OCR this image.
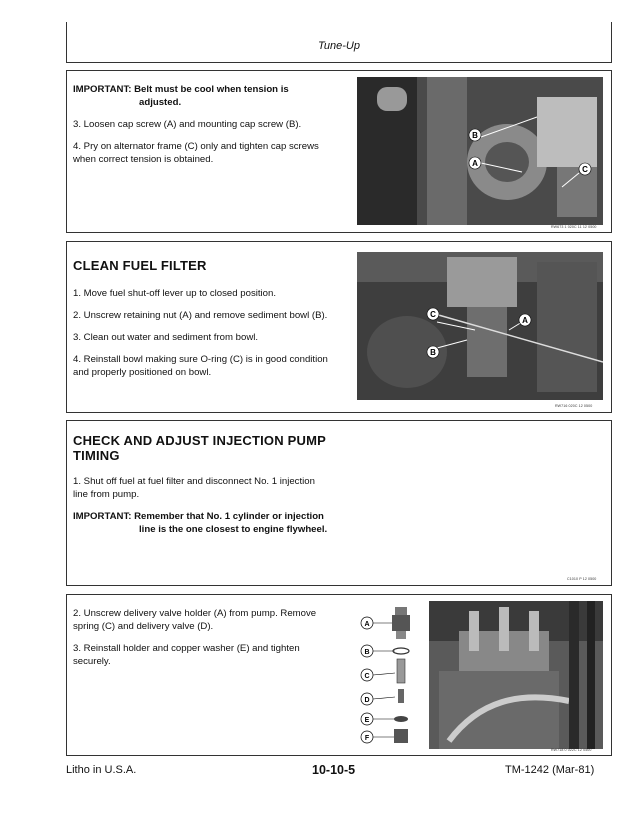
Tune-Up

IMPORTANT: Belt must be cool when tension is
adjusted.

3. Loosen cap screw (A) and mounting cap screw (B).

4. Pry on alternator frame (C) only and tighten cap screws
when correct tension is obtained.

B
A
C
RW673 1 020C 11 12 0500
CLEAN FUEL FILTER

1. Move fuel shut-off lever up to closed position.

2. Unscrew retaining nut (A) and remove sediment bowl (B).

3. Clean out water and sediment from bowl.

4. Reinstall bowl making sure O-ring (C) is in good condition
and properly positioned on bowl.

C
A
B
RW716 020C 12 0500
CHECK AND ADJUST INJECTION PUMP
TIMING

1. Shut off fuel at fuel filter and disconnect No. 1 injection
line from pump.

IMPORTANT: Remember that No. 1 cylinder or injection
line is the one closest to engine flywheel.

C1010 P 12 0500

2. Unscrew delivery valve holder (A) from pump. Remove
spring (C) and delivery valve (D).

3. Reinstall holder and copper washer (E) and tighten
securely.

A
B
C
D
E
F
RW718 0 022C 12 0500
Litho in U.S.A.	10-10-5	TM-1242 (Mar-81)
